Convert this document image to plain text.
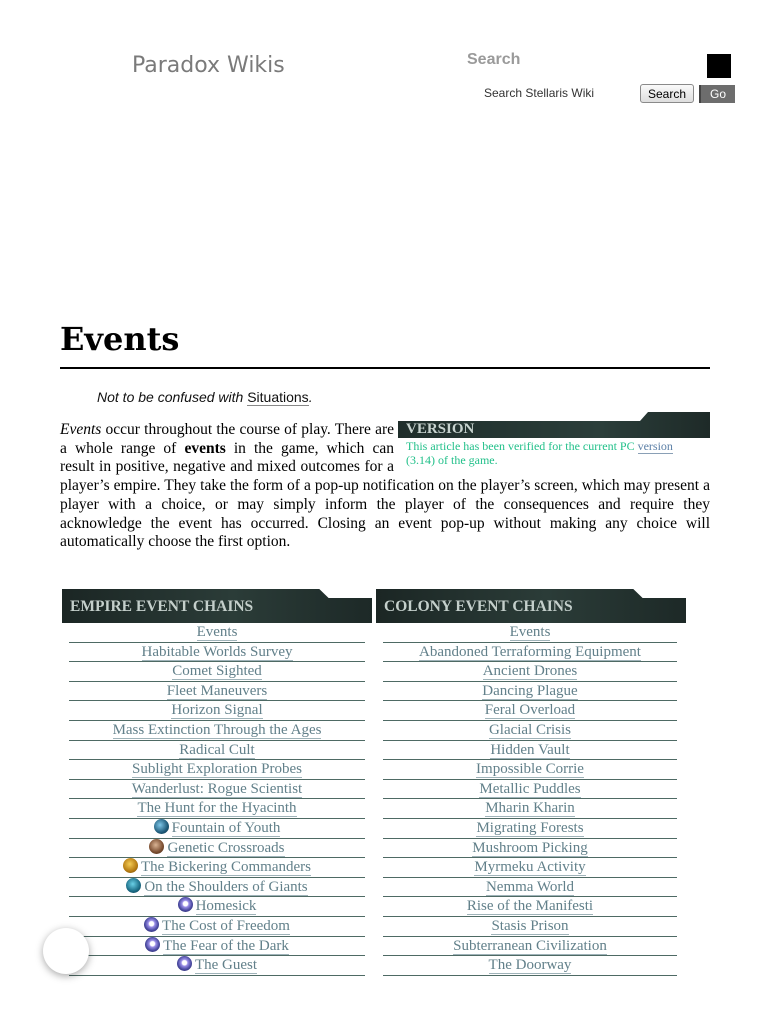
Paradox Wikis	Search
Search Stellaris Wiki
Search	Go
Events
Not to be confused with Situations.

VERSION
This article has been verified for the current PC version (3.14) of the game.
Events occur throughout the course of play. There are a whole range of events in the game, which can result in positive, negative and mixed outcomes for a player’s empire. They take the form of a pop-up notification on the player’s screen, which may present a player with a choice, or may simply inform the player of the consequences and require they acknowledge the event has occurred. Closing an event pop-up without making any choice will automatically choose the first option.

EMPIRE EVENT CHAINS
Events
Habitable Worlds Survey
Comet Sighted
Fleet Maneuvers
Horizon Signal
Mass Extinction Through the Ages
Radical Cult
Sublight Exploration Probes
Wanderlust: Rogue Scientist
The Hunt for the Hyacinth
Fountain of Youth
Genetic Crossroads
The Bickering Commanders
On the Shoulders of Giants
Homesick
The Cost of Freedom
The Fear of the Dark
The Guest
COLONY EVENT CHAINS
Events
Abandoned Terraforming Equipment
Ancient Drones
Dancing Plague
Feral Overload
Glacial Crisis
Hidden Vault
Impossible Corrie
Metallic Puddles
Mharin Kharin
Migrating Forests
Mushroom Picking
Myrmeku Activity
Nemma World
Rise of the Manifesti
Stasis Prison
Subterranean Civilization
The Doorway
